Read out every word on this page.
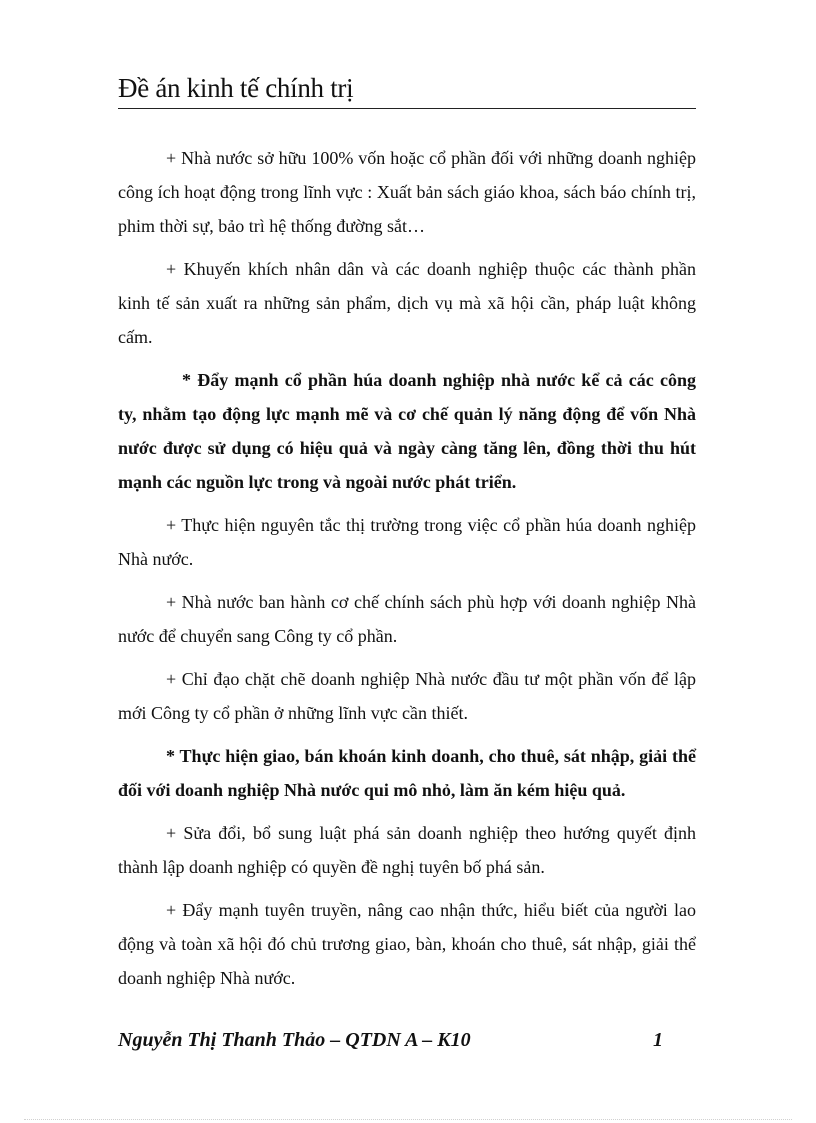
Đề án kinh tế chính trị

+ Nhà nước sở hữu 100% vốn hoặc cổ phần đối với những doanh nghiệp công ích hoạt động trong lĩnh vực : Xuất bản sách giáo khoa, sách báo chính trị, phim thời sự, bảo trì hệ thống đường sắt…

+ Khuyến khích nhân dân và các doanh nghiệp thuộc các thành phần kinh tế sản xuất ra những sản phẩm, dịch vụ mà xã hội cần, pháp luật không cấm.

* Đẩy mạnh cổ phần húa doanh nghiệp nhà nước kể cả các công ty, nhằm tạo động lực mạnh mẽ và cơ chế quản lý năng động để vốn Nhà nước được sử dụng có hiệu quả và ngày càng tăng lên, đồng thời thu hút mạnh các nguồn lực trong và ngoài nước phát triển.

+ Thực hiện nguyên tắc thị trường trong việc cổ phần húa doanh nghiệp Nhà nước.

+ Nhà nước ban hành cơ chế chính sách phù hợp với doanh nghiệp Nhà nước để chuyển sang Công ty cổ phần.

+ Chỉ đạo chặt chẽ doanh nghiệp Nhà nước đầu tư một phần vốn để lập mới Công ty cổ phần ở những lĩnh vực cần thiết.

* Thực hiện giao, bán khoán kinh doanh, cho thuê, sát nhập, giải thể đối với doanh nghiệp Nhà nước qui mô nhỏ, làm ăn kém hiệu quả.

+ Sửa đổi, bổ sung luật phá sản doanh nghiệp theo hướng quyết định thành lập doanh nghiệp có quyền đề nghị tuyên bố phá sản.

+ Đẩy mạnh tuyên truyền, nâng cao nhận thức, hiểu biết của người lao động và toàn xã hội đó chủ trương giao, bàn, khoán cho thuê, sát nhập, giải thể doanh nghiệp Nhà nước.

Nguyễn Thị Thanh Thảo – QTDN A – K10	1
